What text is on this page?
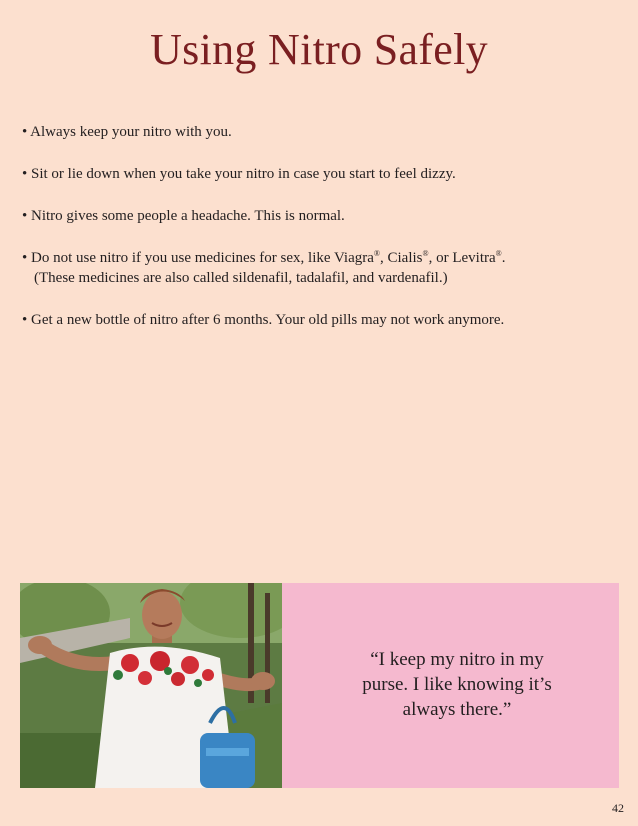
Using Nitro Safely
• Always keep your nitro with you.
• Sit or lie down when you take your nitro in case you start to feel dizzy.
• Nitro gives some people a headache. This is normal.
• Do not use nitro if you use medicines for sex, like Viagra®, Cialis®, or Levitra®.
(These medicines are also called sildenafil, tadalafil, and vardenafil.)
• Get a new bottle of nitro after 6 months. Your old pills may not work anymore.
“I keep my nitro in my
purse. I like knowing it’s
always there.”
42
